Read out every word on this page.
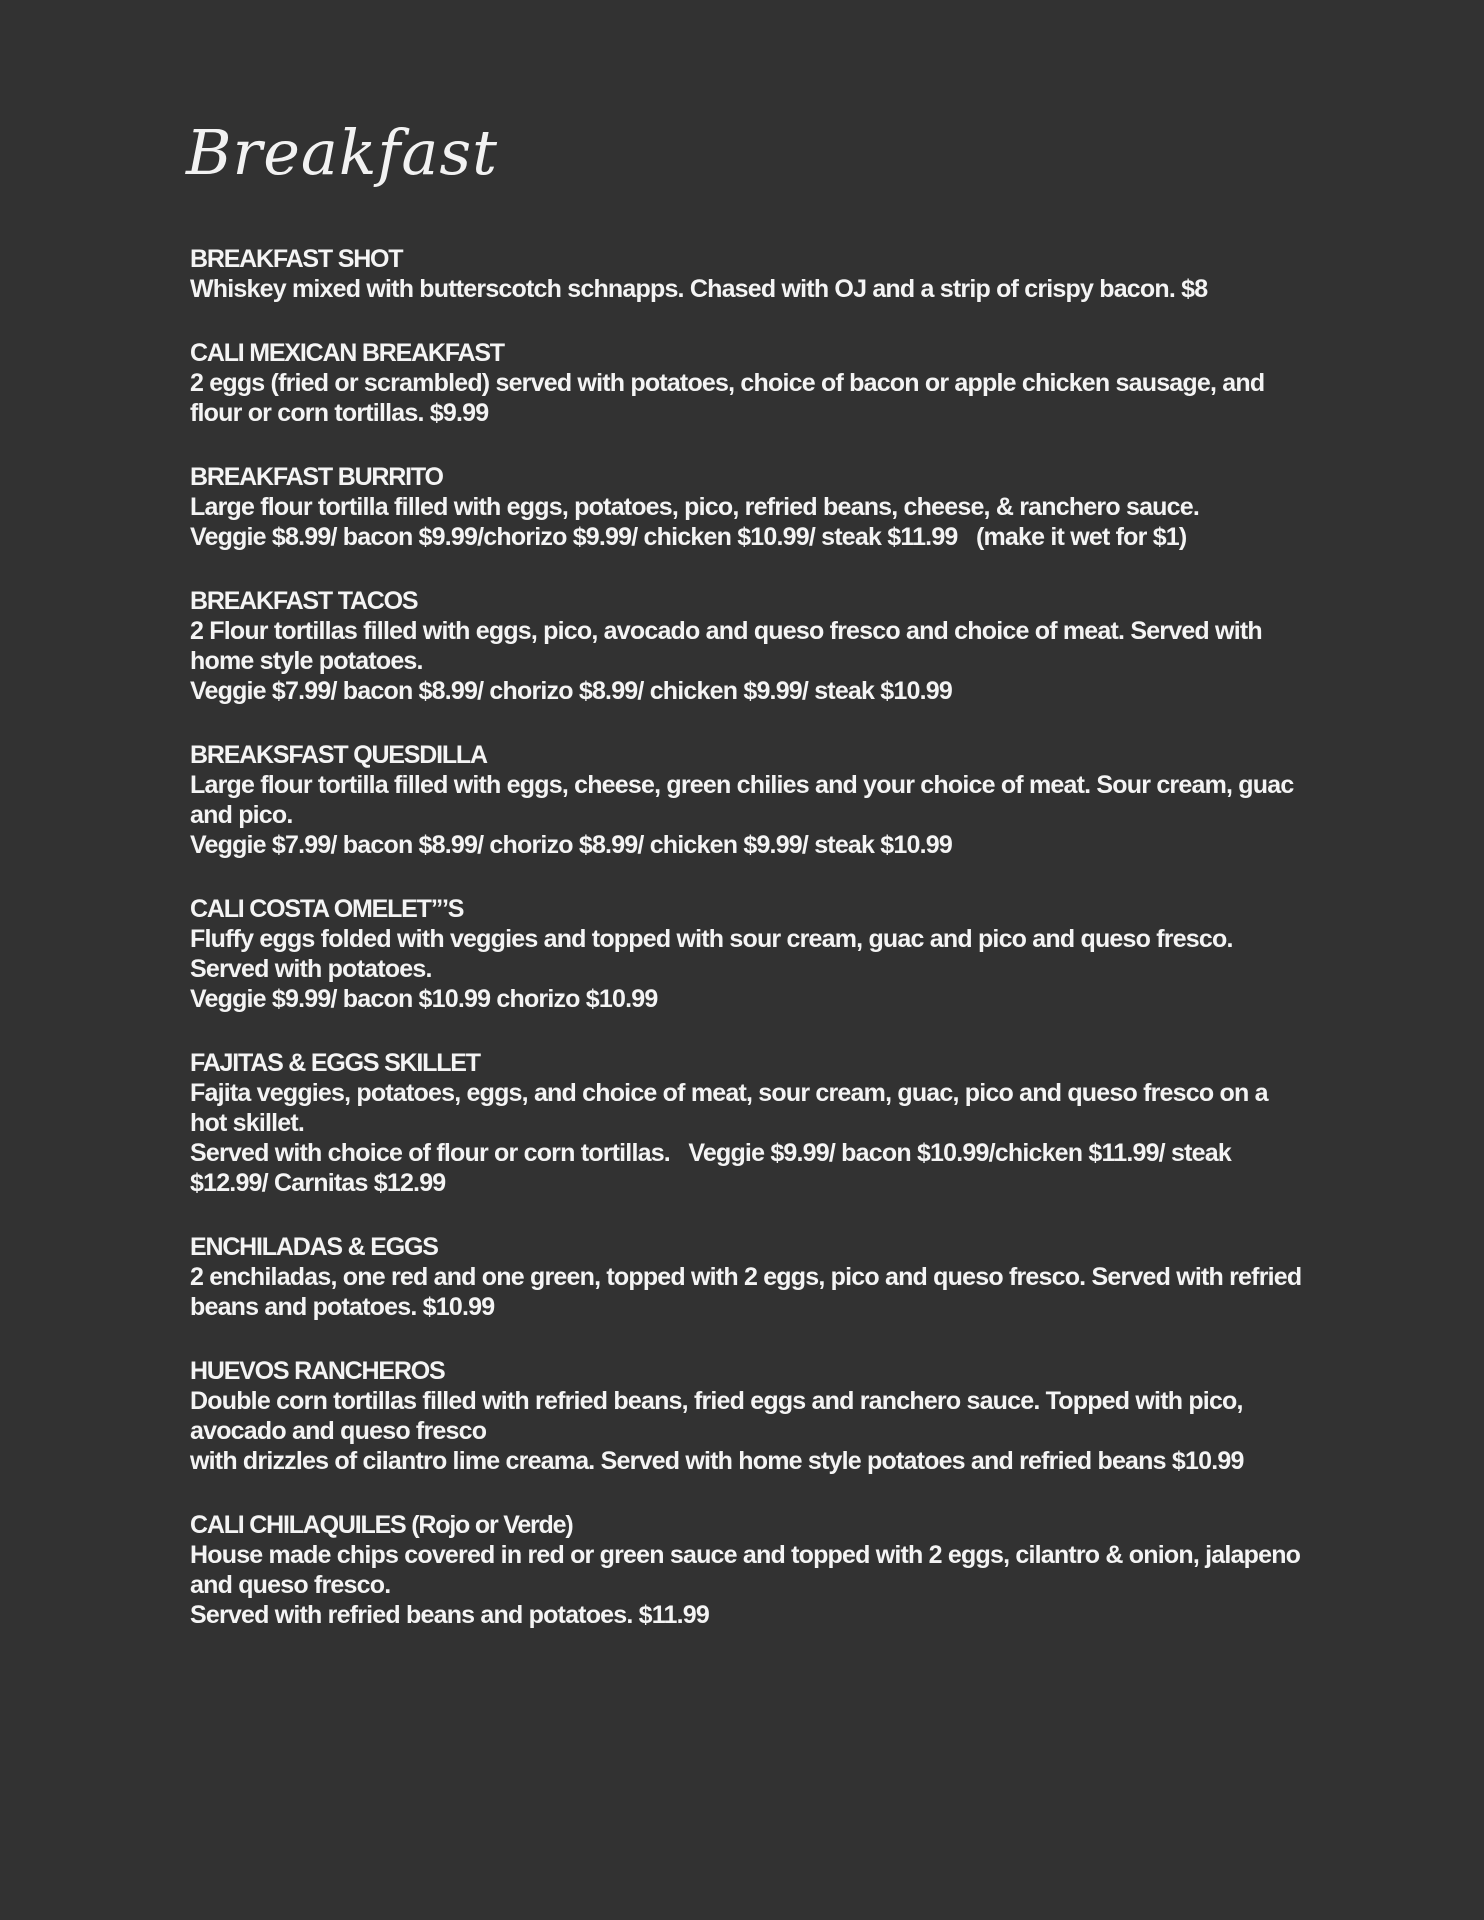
Breakfast
BREAKFAST SHOT
Whiskey mixed with butterscotch schnapps. Chased with OJ and a strip of crispy bacon. $8
CALI MEXICAN BREAKFAST
2 eggs (fried or scrambled) served with potatoes, choice of bacon or apple chicken sausage, and flour or corn tortillas. $9.99
BREAKFAST BURRITO
Large flour tortilla filled with eggs, potatoes, pico, refried beans, cheese, & ranchero sauce.
Veggie $8.99/ bacon $9.99/chorizo $9.99/ chicken $10.99/ steak $11.99   (make it wet for $1)
BREAKFAST TACOS
2 Flour tortillas filled with eggs, pico, avocado and queso fresco and choice of meat. Served with home style potatoes.
Veggie $7.99/ bacon $8.99/ chorizo $8.99/ chicken $9.99/ steak $10.99
BREAKSFAST QUESDILLA
Large flour tortilla filled with eggs, cheese, green chilies and your choice of meat. Sour cream, guac and pico.
Veggie $7.99/ bacon $8.99/ chorizo $8.99/ chicken $9.99/ steak $10.99
CALI COSTA OMELET”’S
Fluffy eggs folded with veggies and topped with sour cream, guac and pico and queso fresco. Served with potatoes.
Veggie $9.99/ bacon $10.99 chorizo $10.99
FAJITAS & EGGS SKILLET
Fajita veggies, potatoes, eggs, and choice of meat, sour cream, guac, pico and queso fresco on a hot skillet.
Served with choice of flour or corn tortillas.   Veggie $9.99/ bacon $10.99/chicken $11.99/ steak $12.99/ Carnitas $12.99
ENCHILADAS & EGGS
2 enchiladas, one red and one green, topped with 2 eggs, pico and queso fresco. Served with refried beans and potatoes. $10.99
HUEVOS RANCHEROS
Double corn tortillas filled with refried beans, fried eggs and ranchero sauce. Topped with pico, avocado and queso fresco
with drizzles of cilantro lime creama. Served with home style potatoes and refried beans $10.99
CALI CHILAQUILES (Rojo or Verde)
House made chips covered in red or green sauce and topped with 2 eggs, cilantro & onion, jalapeno and queso fresco.
Served with refried beans and potatoes. $11.99
